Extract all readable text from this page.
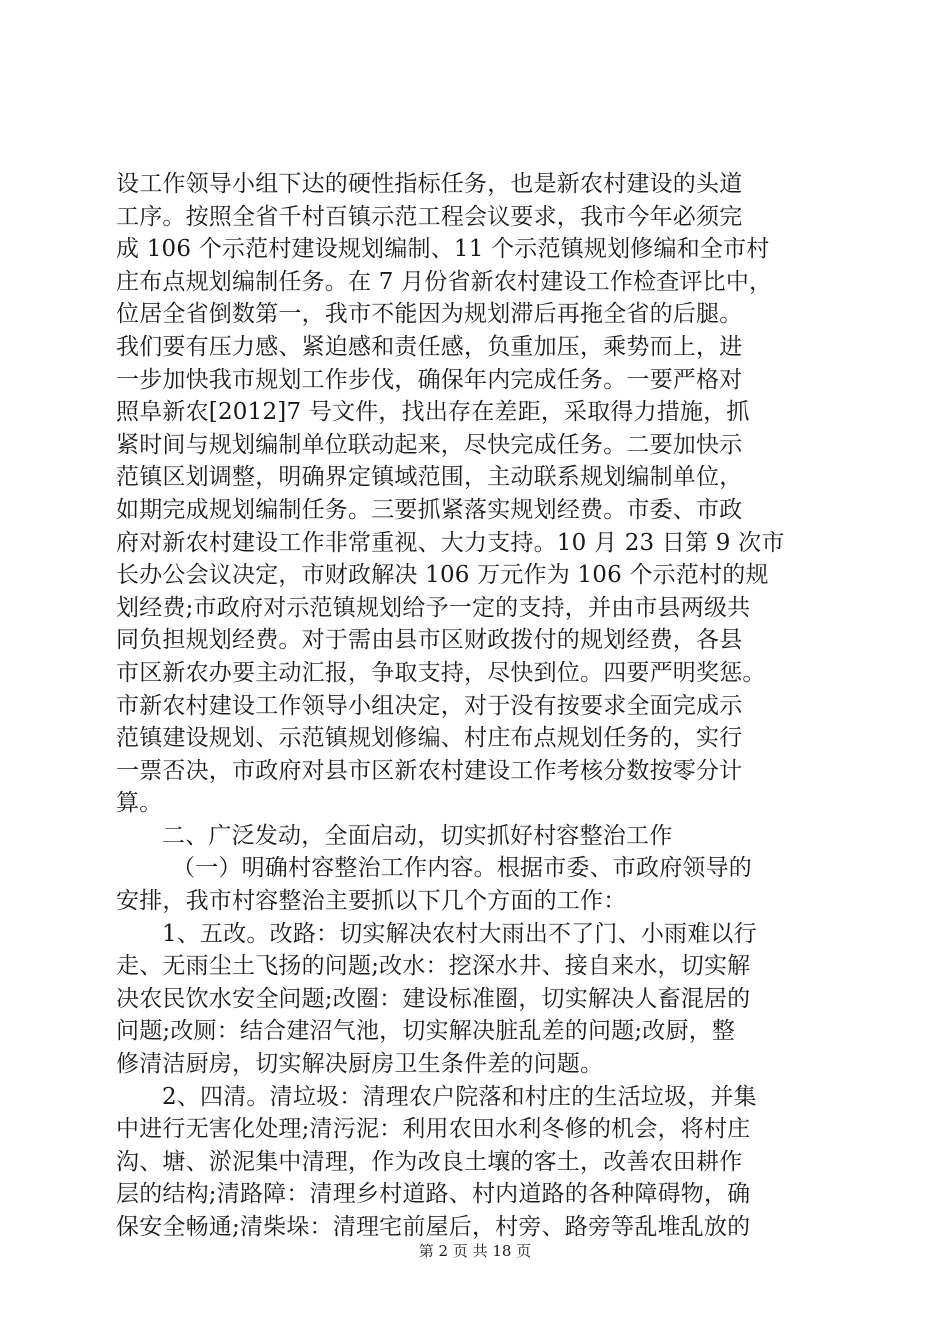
设工作领导小组下达的硬性指标任务，也是新农村建设的头道
工序。按照全省千村百镇示范工程会议要求，我市今年必须完
成 106 个示范村建设规划编制、11 个示范镇规划修编和全市村
庄布点规划编制任务。在 7 月份省新农村建设工作检查评比中，
位居全省倒数第一，我市不能因为规划滞后再拖全省的后腿。
我们要有压力感、紧迫感和责任感，负重加压，乘势而上，进
一步加快我市规划工作步伐，确保年内完成任务。一要严格对
照阜新农[2012]7 号文件，找出存在差距，采取得力措施，抓
紧时间与规划编制单位联动起来，尽快完成任务。二要加快示
范镇区划调整，明确界定镇域范围，主动联系规划编制单位，
如期完成规划编制任务。三要抓紧落实规划经费。市委、市政
府对新农村建设工作非常重视、大力支持。10 月 23 日第 9 次市
长办公会议决定，市财政解决 106 万元作为 106 个示范村的规
划经费;市政府对示范镇规划给予一定的支持，并由市县两级共
同负担规划经费。对于需由县市区财政拨付的规划经费，各县
市区新农办要主动汇报，争取支持，尽快到位。四要严明奖惩。
市新农村建设工作领导小组决定，对于没有按要求全面完成示
范镇建设规划、示范镇规划修编、村庄布点规划任务的，实行
一票否决，市政府对县市区新农村建设工作考核分数按零分计
算。
二、广泛发动，全面启动，切实抓好村容整治工作
（一）明确村容整治工作内容。根据市委、市政府领导的
安排，我市村容整治主要抓以下几个方面的工作：
1、五改。改路：切实解决农村大雨出不了门、小雨难以行
走、无雨尘土飞扬的问题;改水：挖深水井、接自来水，切实解
决农民饮水安全问题;改圈：建设标准圈，切实解决人畜混居的
问题;改厕：结合建沼气池，切实解决脏乱差的问题;改厨，整
修清洁厨房，切实解决厨房卫生条件差的问题。
2、四清。清垃圾：清理农户院落和村庄的生活垃圾，并集
中进行无害化处理;清污泥：利用农田水利冬修的机会，将村庄
沟、塘、淤泥集中清理，作为改良土壤的客土，改善农田耕作
层的结构;清路障：清理乡村道路、村内道路的各种障碍物，确
保安全畅通;清柴垛：清理宅前屋后，村旁、路旁等乱堆乱放的
第 2 页 共 18 页
